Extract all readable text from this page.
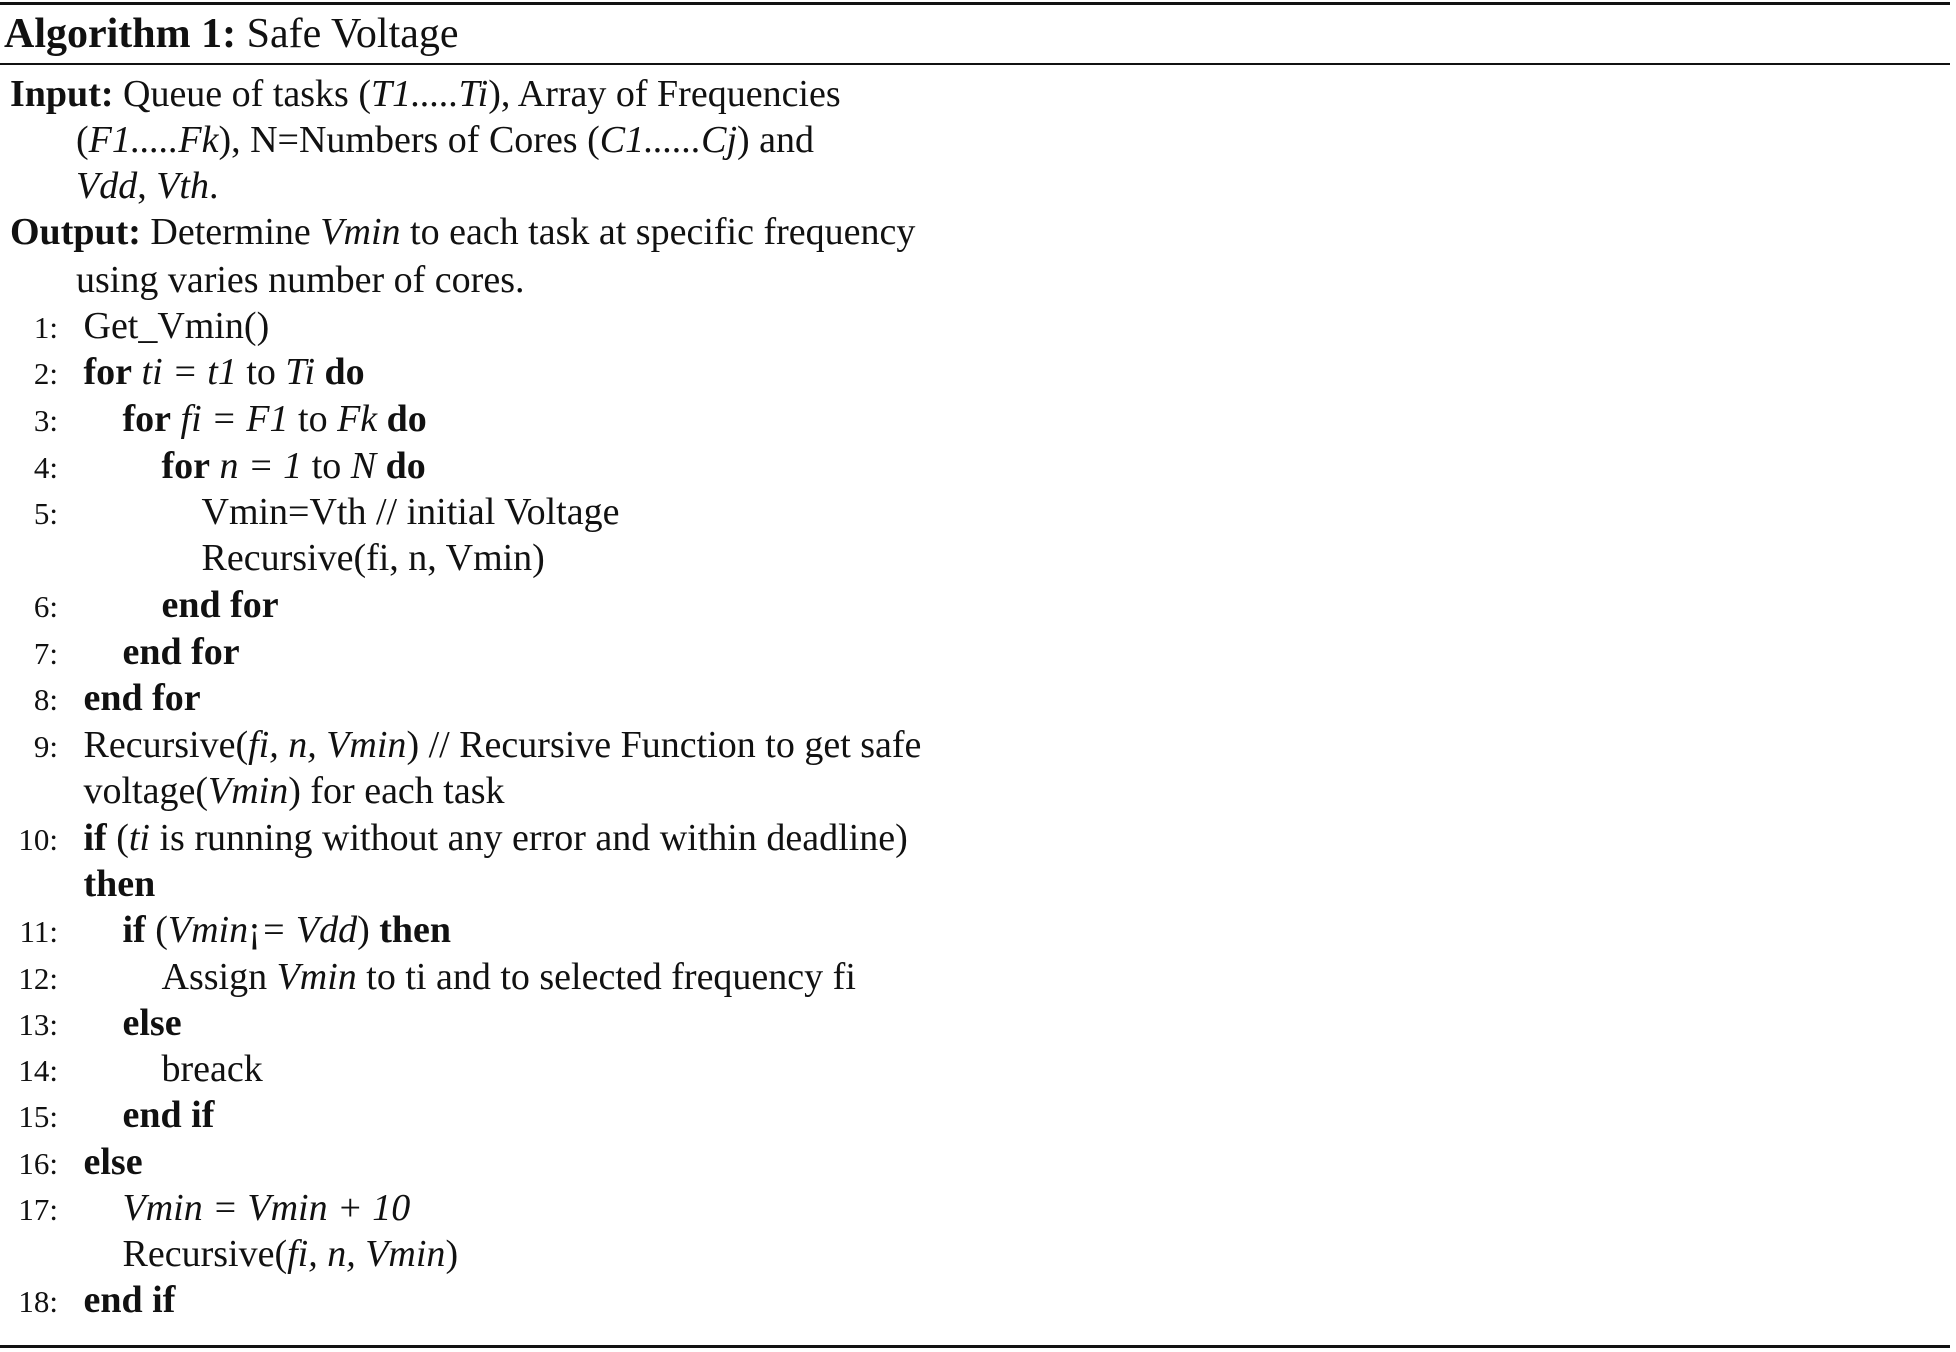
Algorithm 1: Safe Voltage
Input: Queue of tasks (T1.....Ti), Array of Frequencies
(F1.....Fk), N=Numbers of Cores (C1......Cj) and
Vdd, Vth.
Output: Determine Vmin to each task at specific frequency
using varies number of cores.
1: Get_Vmin()
2: for ti = t1 to Ti do
3: for fi = F1 to Fk do
4:	for n = 1 to N do
5:	Vmin=Vth // initial Voltage
Recursive(fi, n, Vmin)
6:	end for
7: end for
8: end for
9: Recursive(fi, n, Vmin) // Recursive Function to get safe
voltage(Vmin) for each task
10: if (ti is running without any error and within deadline)
then
11: if (Vmin¡= Vdd) then
12:	Assign Vmin to ti and to selected frequency fi
13: else
14:	breack
15: end if
16: else
17: Vmin = Vmin + 10
Recursive(fi, n, Vmin)
18: end if
